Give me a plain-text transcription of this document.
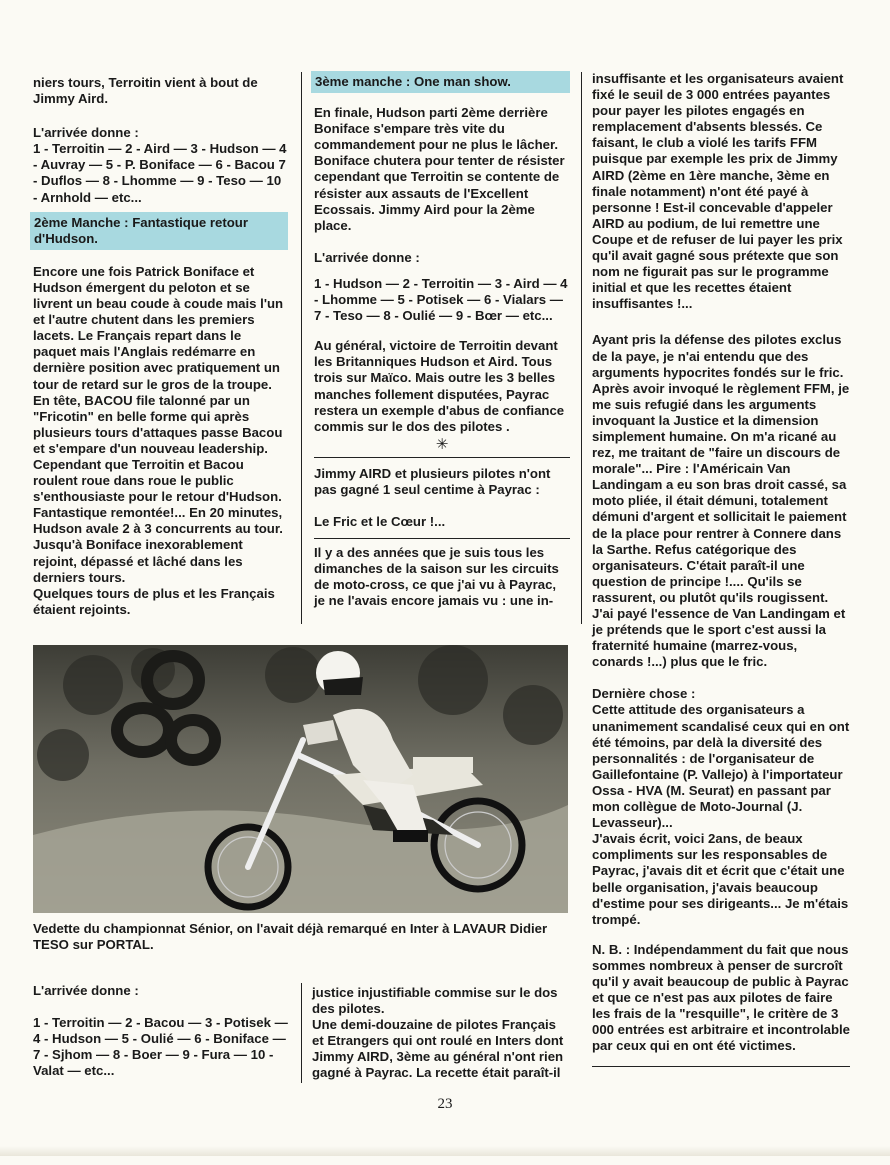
niers tours, Terroitin vient à bout de Jimmy Aird.

L'arrivée donne :

1 - Terroitin — 2 - Aird — 3 - Hudson — 4 - Auvray — 5 - P. Boniface — 6 - Bacou 7 - Duflos — 8 - Lhomme — 9 - Teso — 10 - Arnhold — etc...

2ème Manche : Fantastique retour d'Hudson.

Encore une fois Patrick Boniface et Hudson émergent du peloton et se livrent un beau coude à coude mais l'un et l'autre chutent dans les premiers lacets. Le Français repart dans le paquet mais l'Anglais redémarre en dernière position avec pratiquement un tour de retard sur le gros de la troupe.

En tête, BACOU file talonné par un "Fricotin" en belle forme qui après plusieurs tours d'attaques passe Bacou et s'empare d'un nouveau leadership. Cependant que Terroitin et Bacou roulent roue dans roue le public s'enthousiaste pour le retour d'Hudson. Fantastique remontée!... En 20 minutes, Hudson avale 2 à 3 concurrents au tour. Jusqu'à Boniface inexorablement rejoint, dépassé et lâché dans les derniers tours.

Quelques tours de plus et les Français étaient rejoints.

3ème manche : One man show.

En finale, Hudson parti 2ème derrière Boniface s'empare très vite du commandement pour ne plus le lâcher. Boniface chutera pour tenter de résister cependant que Terroitin se contente de résister aux assauts de l'Excellent Ecossais. Jimmy Aird pour la 2ème place.

L'arrivée donne :

1 - Hudson — 2 - Terroitin — 3 - Aird — 4 - Lhomme — 5 - Potisek — 6 - Vialars — 7 - Teso — 8 - Oulié — 9 - Bœr — etc...

Au général, victoire de Terroitin devant les Britanniques Hudson et Aird. Tous trois sur Maïco. Mais outre les 3 belles manches follement disputées, Payrac restera un exemple d'abus de confiance commis sur le dos des pilotes .

✳

Jimmy AIRD et plusieurs pilotes n'ont pas gagné 1 seul centime à Payrac :

Le Fric et le Cœur !...

Il y a des années que je suis tous les dimanches de la saison sur les circuits de moto-cross, ce que j'ai vu à Payrac, je ne l'avais encore jamais vu : une in-

insuffisante et les organisateurs avaient fixé le seuil de 3 000 entrées payantes pour payer les pilotes engagés en remplacement d'absents blessés. Ce faisant, le club a violé les tarifs FFM puisque par exemple les prix de Jimmy AIRD (2ème en 1ère manche, 3ème en finale notamment) n'ont été payé à personne ! Est-il concevable d'appeler AIRD au podium, de lui remettre une Coupe et de refuser de lui payer les prix qu'il avait gagné sous prétexte que son nom ne figurait pas sur le programme initial et que les recettes étaient insuffisantes !...

Ayant pris la défense des pilotes exclus de la paye, je n'ai entendu que des arguments hypocrites fondés sur le fric. Après avoir invoqué le règlement FFM, je me suis refugié dans les arguments invoquant la Justice et la dimension simplement humaine. On m'a ricané au rez, me traitant de "faire un discours de morale"... Pire : l'Américain Van Landingam a eu son bras droit cassé, sa moto pliée, il était démuni, totalement démuni d'argent et sollicitait le paiement de la place pour rentrer à Connere dans la Sarthe. Refus catégorique des organisateurs. C'était paraît-il une question de principe !.... Qu'ils se rassurent, ou plutôt qu'ils rougissent. J'ai payé l'essence de Van Landingam et je prétends que le sport c'est aussi la fraternité humaine (marrez-vous, conards !...) plus que le fric.

Dernière chose :

Cette attitude des organisateurs a unanimement scandalisé ceux qui en ont été témoins, par delà la diversité des personnalités : de l'organisateur de Gaillefontaine (P. Vallejo) à l'importateur Ossa - HVA (M. Seurat) en passant par mon collègue de Moto-Journal (J. Levasseur)...

J'avais écrit, voici 2ans, de beaux compliments sur les responsables de Payrac, j'avais dit et écrit que c'était une belle organisation, j'avais beaucoup d'estime pour ses dirigeants... Je m'étais trompé.

N. B. : Indépendamment du fait que nous sommes nombreux à penser de surcroît qu'il y avait beaucoup de public à Payrac et que ce n'est pas aux pilotes de faire les frais de la "resquille", le critère de 3 000 entrées est arbitraire et incontrolable par ceux qui en ont été victimes.

Vedette du championnat Sénior, on l'avait déjà remarqué en Inter à LAVAUR Didier TESO sur PORTAL.

L'arrivée donne :

1 - Terroitin — 2 - Bacou — 3 - Potisek — 4 - Hudson — 5 - Oulié — 6 - Boniface — 7 - Sjhom — 8 - Boer — 9 - Fura — 10 - Valat — etc...

justice injustifiable commise sur le dos des pilotes.

Une demi-douzaine de pilotes Français et Etrangers qui ont roulé en Inters dont Jimmy AIRD, 3ème au général n'ont rien gagné à Payrac. La recette était paraît-il

23
